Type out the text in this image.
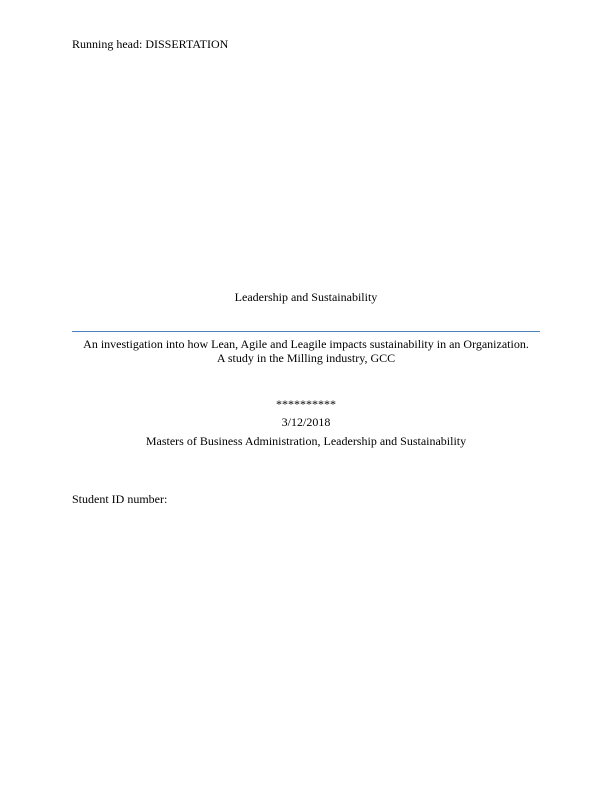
Running head: DISSERTATION
Leadership and Sustainability
An investigation into how Lean, Agile and Leagile impacts sustainability in an Organization.
A study in the Milling industry, GCC
**********
3/12/2018
Masters of Business Administration, Leadership and Sustainability
Student ID number:
